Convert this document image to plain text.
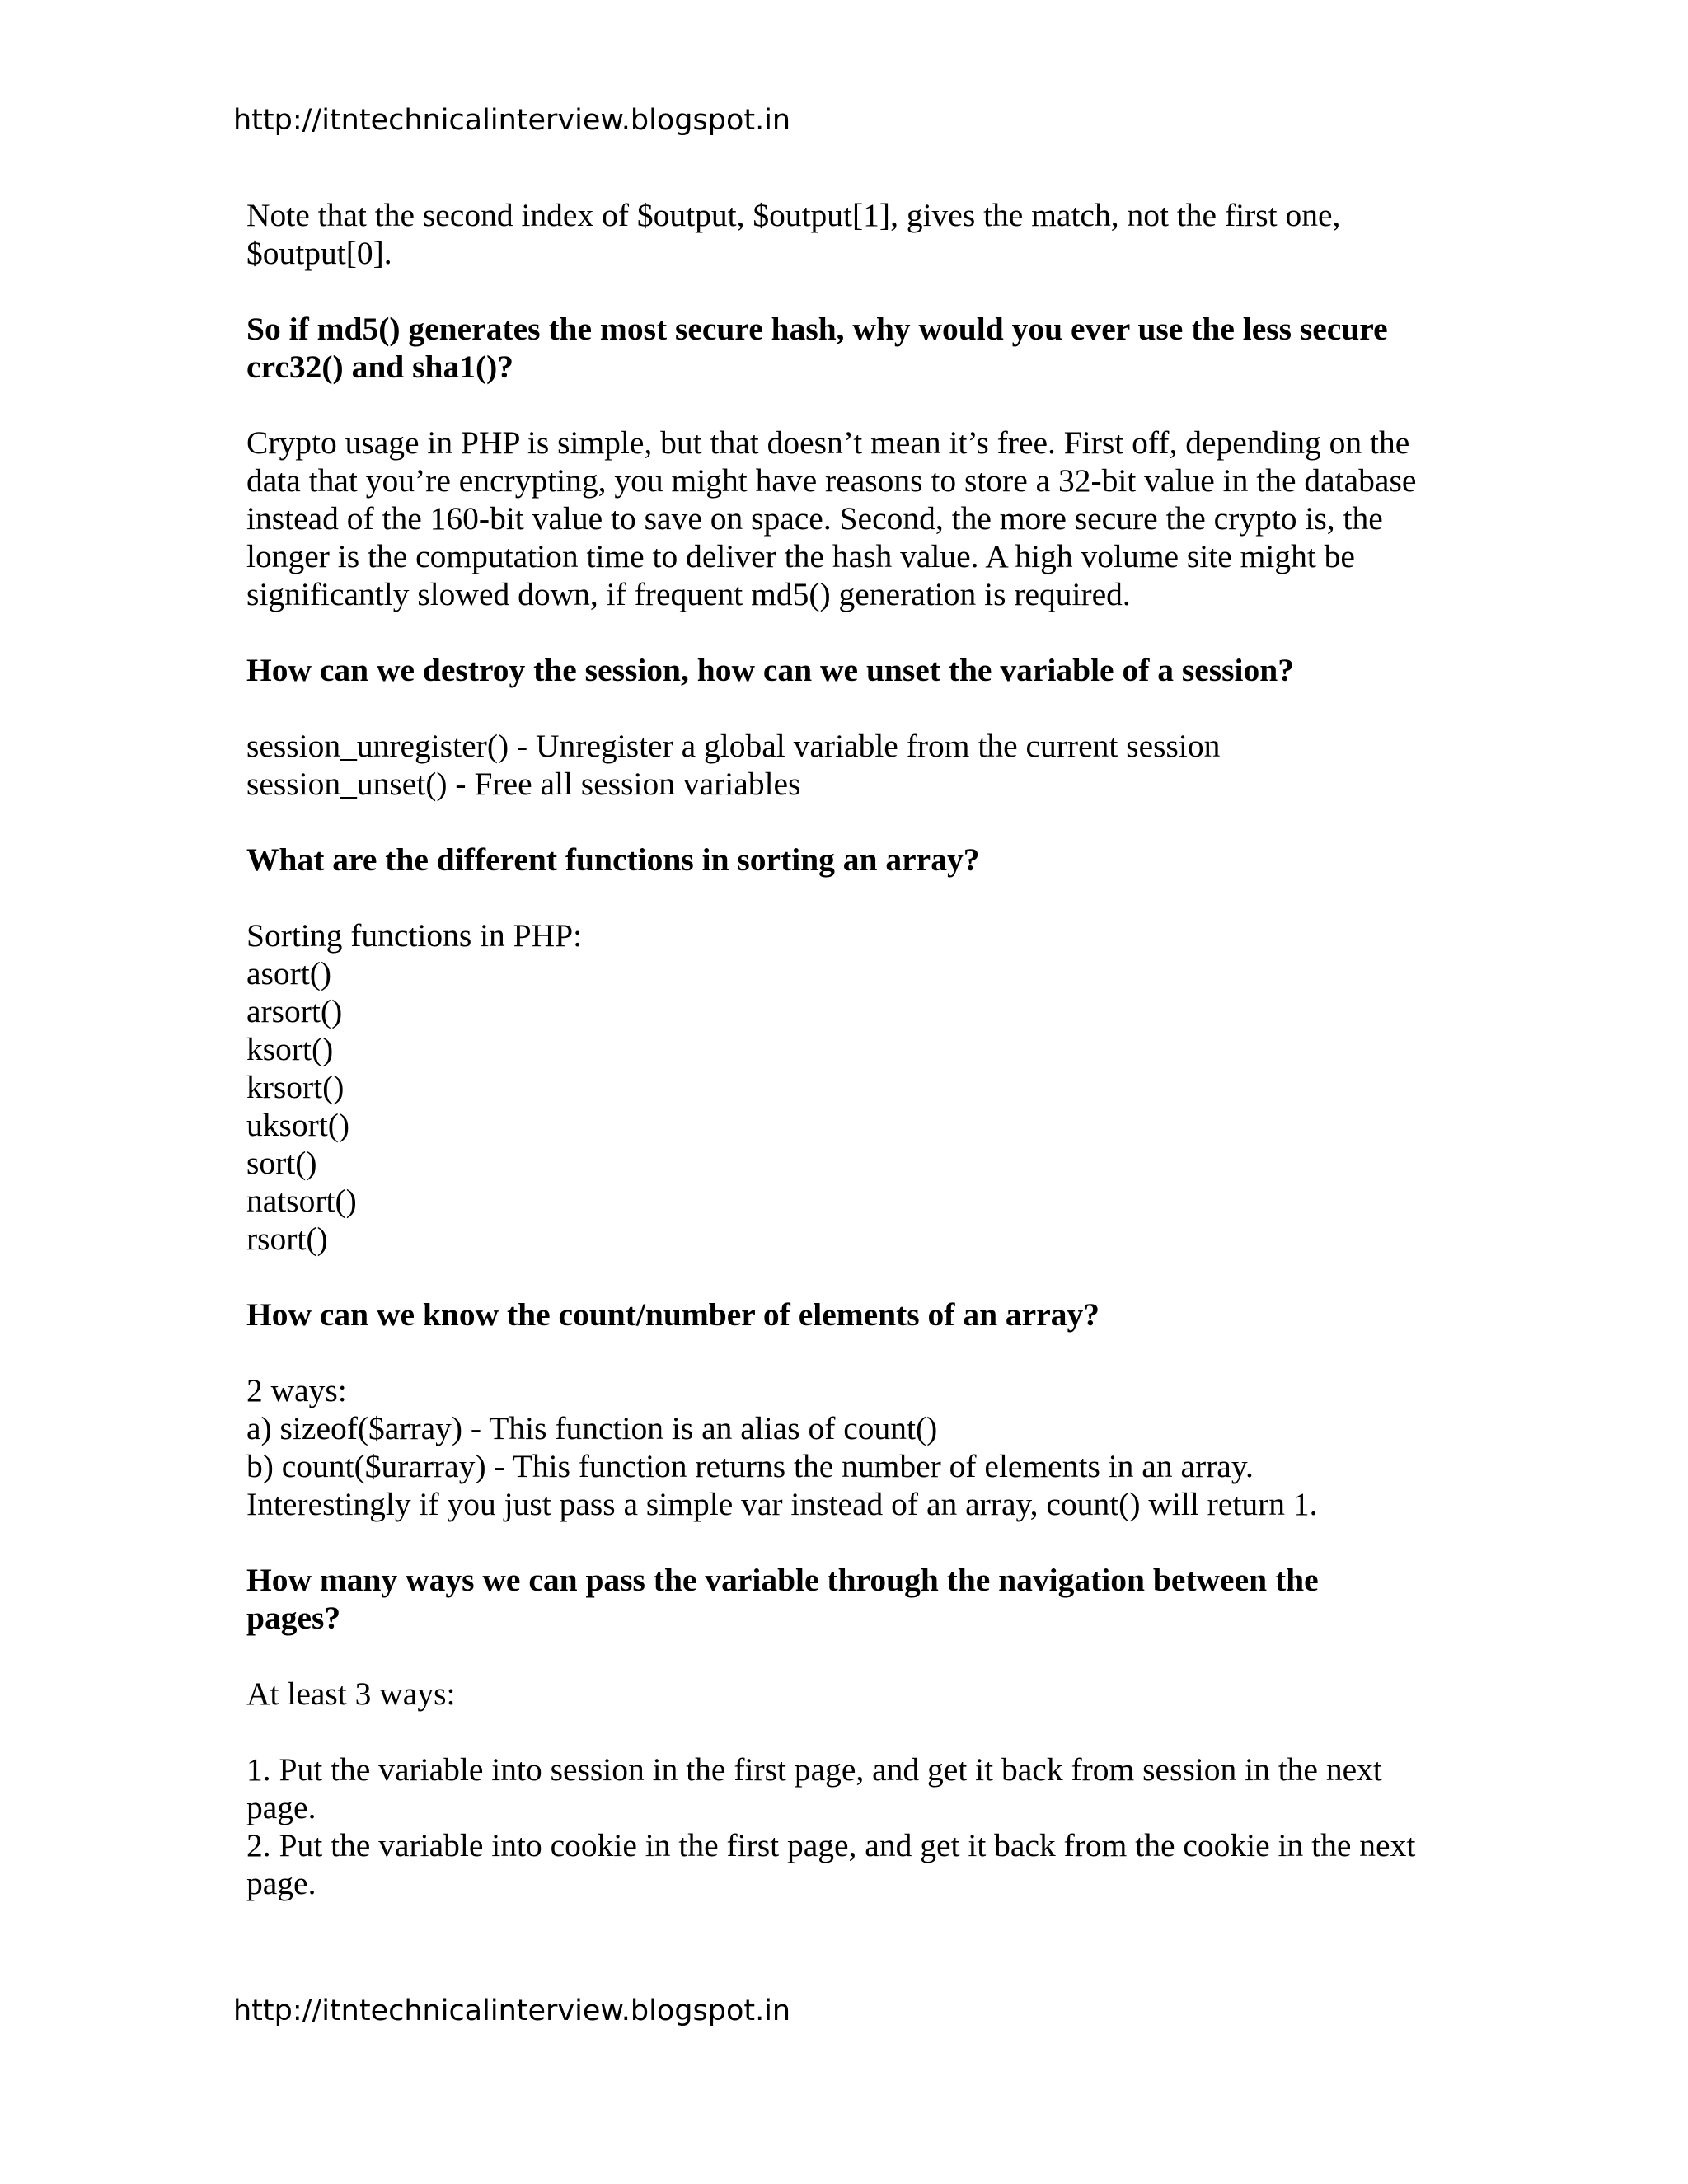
http://itntechnicalinterview.blogspot.in

Note that the second index of $output, $output[1], gives the match, not the first one,
$output[0].

So if md5() generates the most secure hash, why would you ever use the less secure
crc32() and sha1()?

Crypto usage in PHP is simple, but that doesn’t mean it’s free. First off, depending on the
data that you’re encrypting, you might have reasons to store a 32-bit value in the database
instead of the 160-bit value to save on space. Second, the more secure the crypto is, the
longer is the computation time to deliver the hash value. A high volume site might be
significantly slowed down, if frequent md5() generation is required.

How can we destroy the session, how can we unset the variable of a session?

session_unregister() - Unregister a global variable from the current session
session_unset() - Free all session variables

What are the different functions in sorting an array?

Sorting functions in PHP:
asort()
arsort()
ksort()
krsort()
uksort()
sort()
natsort()
rsort()

How can we know the count/number of elements of an array?

2 ways:
a) sizeof($array) - This function is an alias of count()
b) count($urarray) - This function returns the number of elements in an array.
Interestingly if you just pass a simple var instead of an array, count() will return 1.

How many ways we can pass the variable through the navigation between the
pages?

At least 3 ways:

1. Put the variable into session in the first page, and get it back from session in the next
page.
2. Put the variable into cookie in the first page, and get it back from the cookie in the next
page.

http://itntechnicalinterview.blogspot.in
